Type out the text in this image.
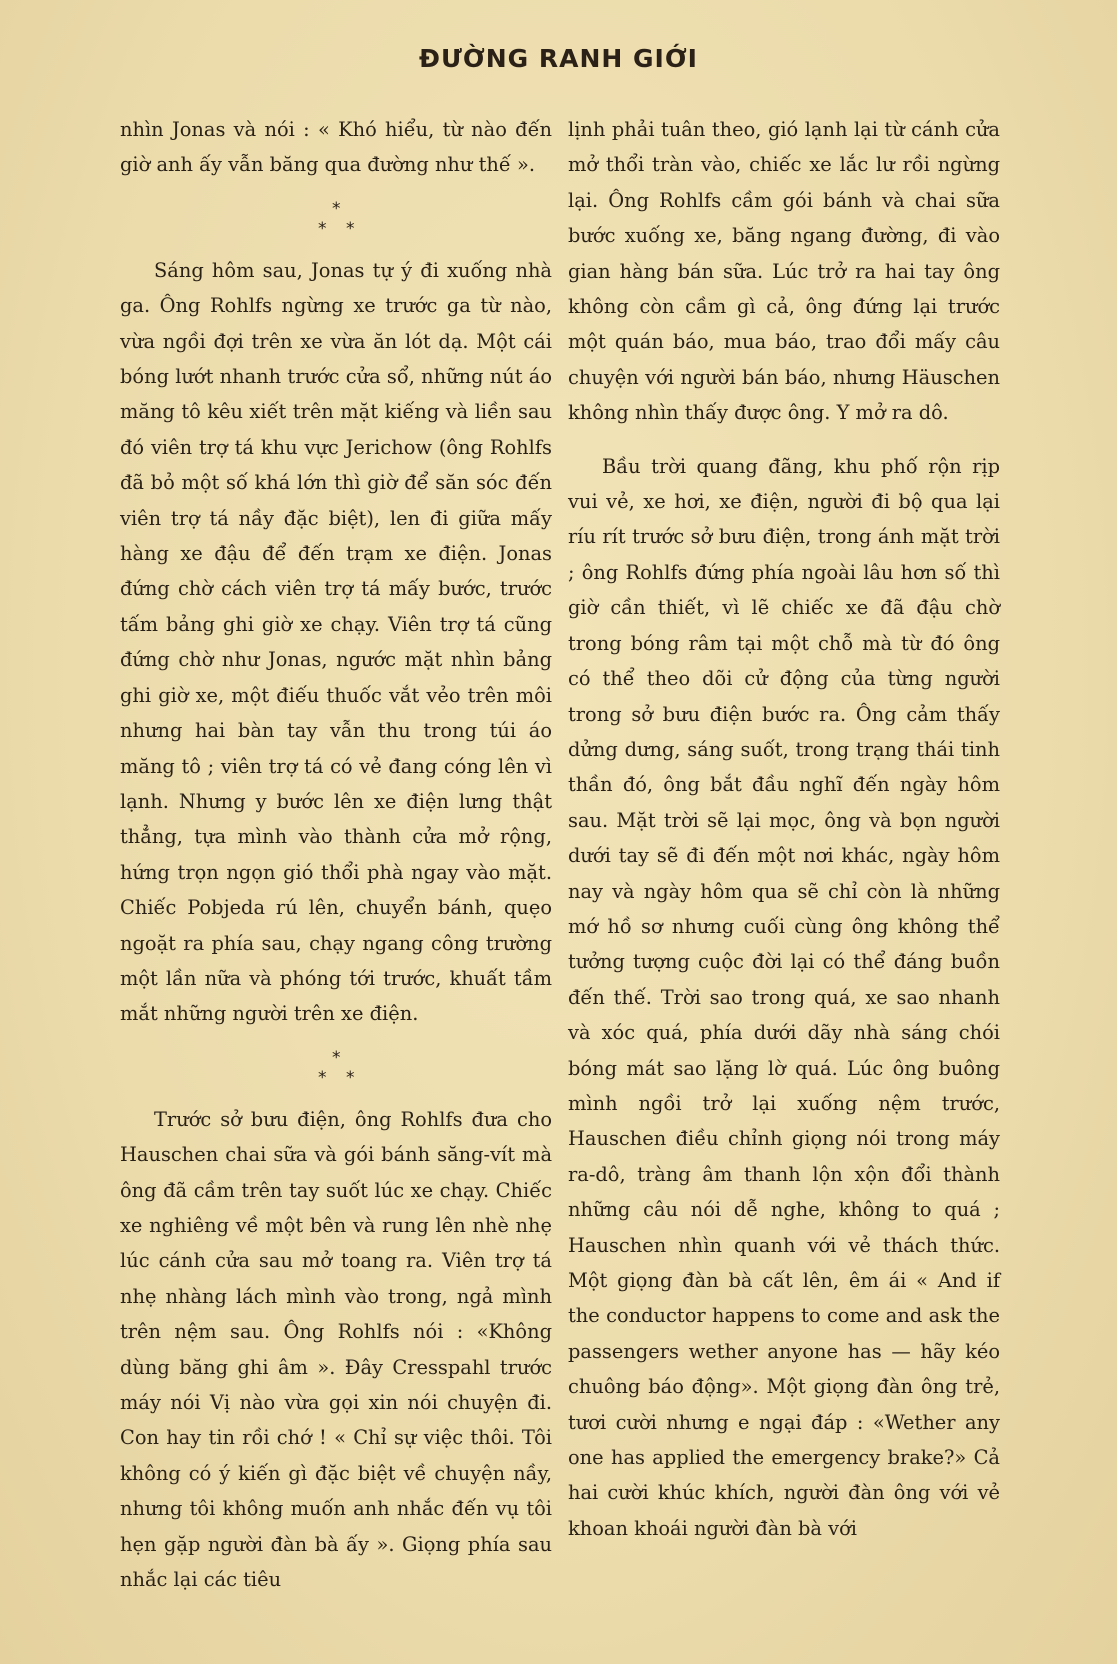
ĐƯỜNG RANH GIỚI

nhìn Jonas và nói : « Khó hiểu, từ nào đến giờ anh ấy vẫn băng qua đường như thế ».

*
* *

Sáng hôm sau, Jonas tự ý đi xuống nhà ga. Ông Rohlfs ngừng xe trước ga từ nào, vừa ngồi đợi trên xe vừa ăn lót dạ. Một cái bóng lướt nhanh trước cửa sổ, những nút áo măng tô kêu xiết trên mặt kiếng và liền sau đó viên trợ tá khu vực Jerichow (ông Rohlfs đã bỏ một số khá lớn thì giờ để săn sóc đến viên trợ tá nầy đặc biệt), len đi giữa mấy hàng xe đậu để đến trạm xe điện. Jonas đứng chờ cách viên trợ tá mấy bước, trước tấm bảng ghi giờ xe chạy. Viên trợ tá cũng đứng chờ như Jonas, ngước mặt nhìn bảng ghi giờ xe, một điếu thuốc vắt vẻo trên môi nhưng hai bàn tay vẫn thu trong túi áo măng tô ; viên trợ tá có vẻ đang cóng lên vì lạnh. Nhưng y bước lên xe điện lưng thật thẳng, tựa mình vào thành cửa mở rộng, hứng trọn ngọn gió thổi phà ngay vào mặt. Chiếc Pobjeda rú lên, chuyển bánh, quẹo ngoặt ra phía sau, chạy ngang công trường một lần nữa và phóng tới trước, khuất tầm mắt những người trên xe điện.

*
* *

Trước sở bưu điện, ông Rohlfs đưa cho Hauschen chai sữa và gói bánh săng-vít mà ông đã cầm trên tay suốt lúc xe chạy. Chiếc xe nghiêng về một bên và rung lên nhè nhẹ lúc cánh cửa sau mở toang ra. Viên trợ tá nhẹ nhàng lách mình vào trong, ngả mình trên nệm sau. Ông Rohlfs nói : «Không dùng băng ghi âm ». Đây Cresspahl trước máy nói Vị nào vừa gọi xin nói chuyện đi. Con hay tin rồi chớ ! « Chỉ sự việc thôi. Tôi không có ý kiến gì đặc biệt về chuyện nầy, nhưng tôi không muốn anh nhắc đến vụ tôi hẹn gặp người đàn bà ấy ». Giọng phía sau nhắc lại các tiêu

lịnh phải tuân theo, gió lạnh lại từ cánh cửa mở thổi tràn vào, chiếc xe lắc lư rồi ngừng lại. Ông Rohlfs cầm gói bánh và chai sữa bước xuống xe, băng ngang đường, đi vào gian hàng bán sữa. Lúc trở ra hai tay ông không còn cầm gì cả, ông đứng lại trước một quán báo, mua báo, trao đổi mấy câu chuyện với người bán báo, nhưng Häuschen không nhìn thấy được ông. Y mở ra dô.

Bầu trời quang đãng, khu phố rộn rịp vui vẻ, xe hơi, xe điện, người đi bộ qua lại ríu rít trước sở bưu điện, trong ánh mặt trời ; ông Rohlfs đứng phía ngoài lâu hơn số thì giờ cần thiết, vì lẽ chiếc xe đã đậu chờ trong bóng râm tại một chỗ mà từ đó ông có thể theo dõi cử động của từng người trong sở bưu điện bước ra. Ông cảm thấy dửng dưng, sáng suốt, trong trạng thái tinh thần đó, ông bắt đầu nghĩ đến ngày hôm sau. Mặt trời sẽ lại mọc, ông và bọn người dưới tay sẽ đi đến một nơi khác, ngày hôm nay và ngày hôm qua sẽ chỉ còn là những mớ hồ sơ nhưng cuối cùng ông không thể tưởng tượng cuộc đời lại có thể đáng buồn đến thế. Trời sao trong quá, xe sao nhanh và xóc quá, phía dưới dãy nhà sáng chói bóng mát sao lặng lờ quá. Lúc ông buông mình ngồi trở lại xuống nệm trước, Hauschen điều chỉnh giọng nói trong máy ra-dô, tràng âm thanh lộn xộn đổi thành những câu nói dễ nghe, không to quá ; Hauschen nhìn quanh với vẻ thách thức. Một giọng đàn bà cất lên, êm ái « And if the conductor happens to come and ask the passengers wether anyone has — hãy kéo chuông báo động». Một giọng đàn ông trẻ, tươi cười nhưng e ngại đáp : «Wether any one has applied the emergency brake?» Cả hai cười khúc khích, người đàn ông với vẻ khoan khoái người đàn bà với
